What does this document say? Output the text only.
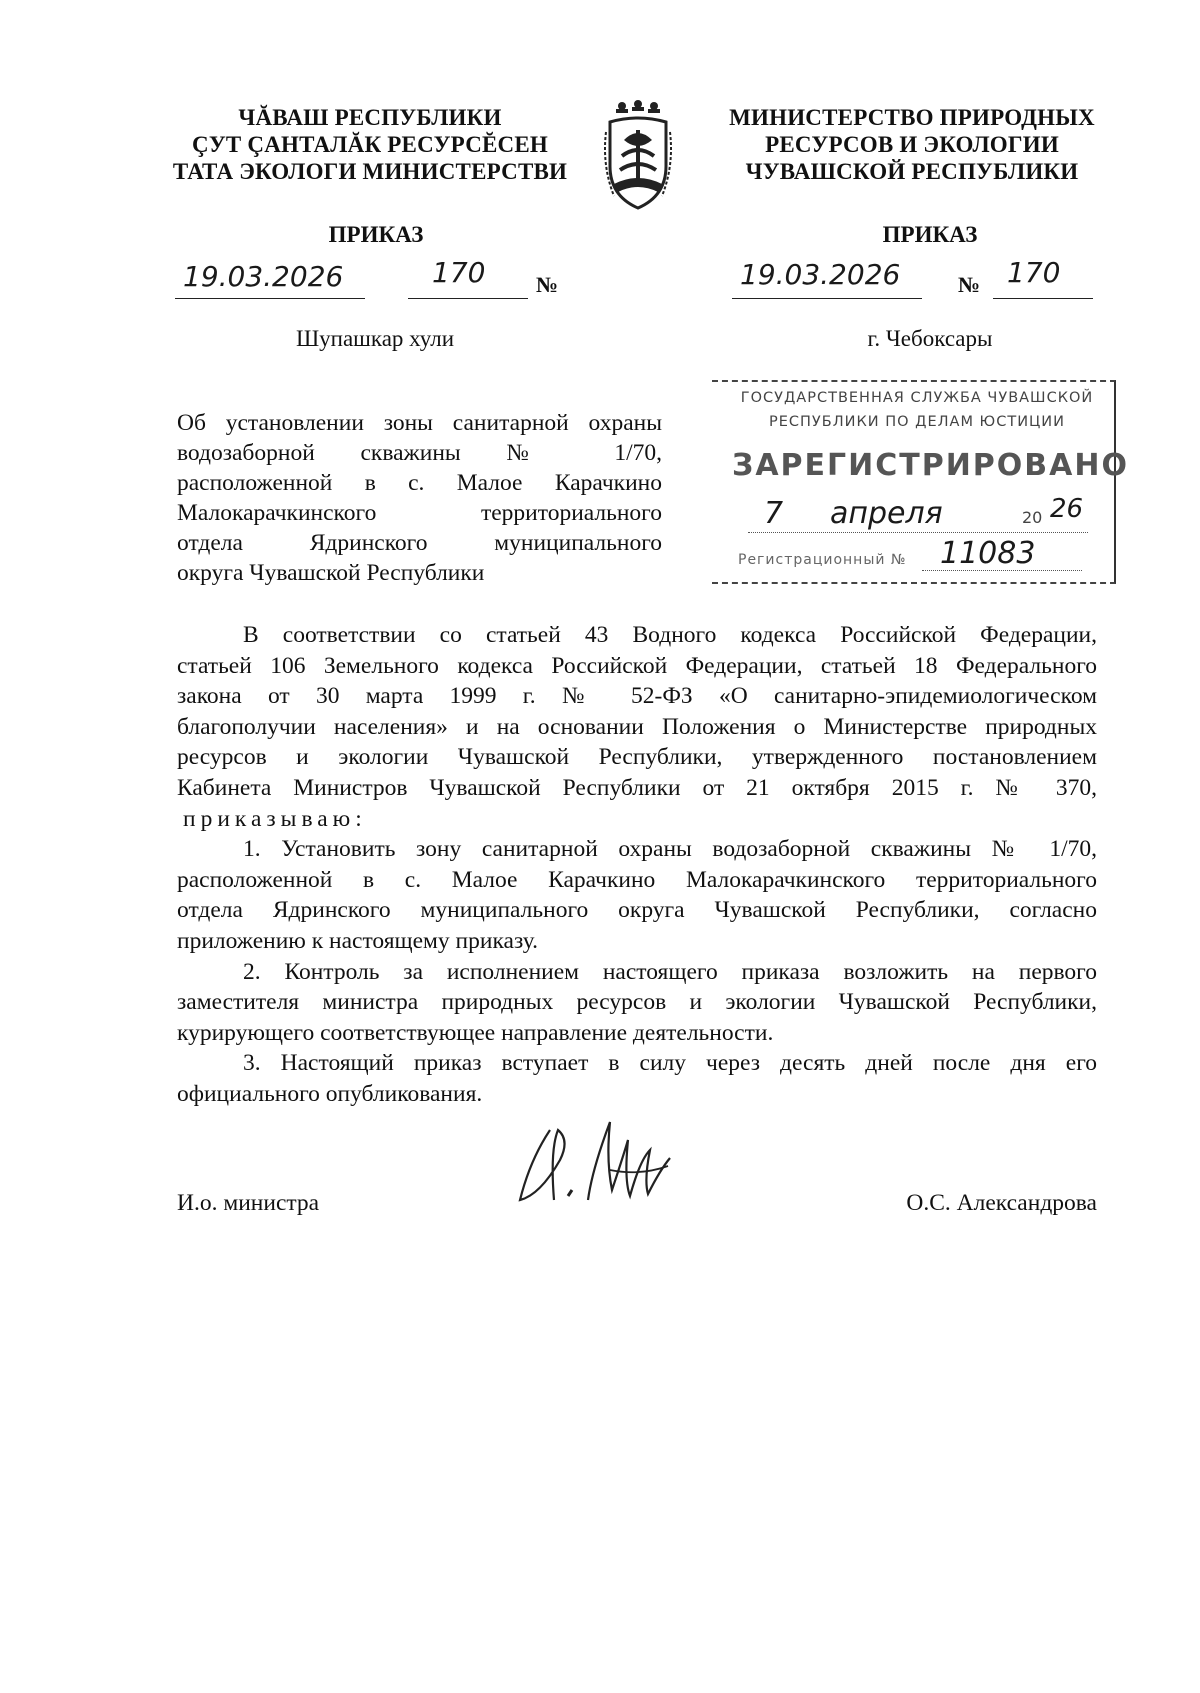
ЧĂВАШ РЕСПУБЛИКИ
ÇУТ ÇАНТАЛĂК РЕСУРСĔСЕН
ТАТА ЭКОЛОГИ МИНИСТЕРСТВИ
МИНИСТЕРСТВО ПРИРОДНЫХ
РЕСУРСОВ И ЭКОЛОГИИ
ЧУВАШСКОЙ РЕСПУБЛИКИ
ПРИКАЗ	ПРИКАЗ
19.03.2026	170 №	19.03.2026	№ 170
Шупашкар хули	г. Чебоксары
Об установлении зоны санитарной охраны
водозаборной скважины № 1/70,
расположенной в с. Малое Карачкино
Малокарачкинского территориального
отдела Ядринского муниципального
округа Чувашской Республики
ГОСУДАРСТВЕННАЯ СЛУЖБА ЧУВАШСКОЙ
РЕСПУБЛИКИ ПО ДЕЛАМ ЮСТИЦИИ
ЗАРЕГИСТРИРОВАНО
7 апреля	20 26
Регистрационный № 11083
В соответствии со статьей 43 Водного кодекса Российской Федерации,
статьей 106 Земельного кодекса Российской Федерации, статьей 18 Федерального
закона от 30 марта 1999 г. № 52-ФЗ «О санитарно-эпидемиологическом
благополучии населения» и на основании Положения о Министерстве природных
ресурсов и экологии Чувашской Республики, утвержденного постановлением
Кабинета Министров Чувашской Республики от 21 октября 2015 г. № 370,
приказываю:
1. Установить зону санитарной охраны водозаборной скважины № 1/70,
расположенной в с. Малое Карачкино Малокарачкинского территориального
отдела Ядринского муниципального округа Чувашской Республики, согласно
приложению к настоящему приказу.
2. Контроль за исполнением настоящего приказа возложить на первого
заместителя министра природных ресурсов и экологии Чувашской Республики,
курирующего соответствующее направление деятельности.
3. Настоящий приказ вступает в силу через десять дней после дня его
официального опубликования.
И.о. министра	О.С. Александрова
